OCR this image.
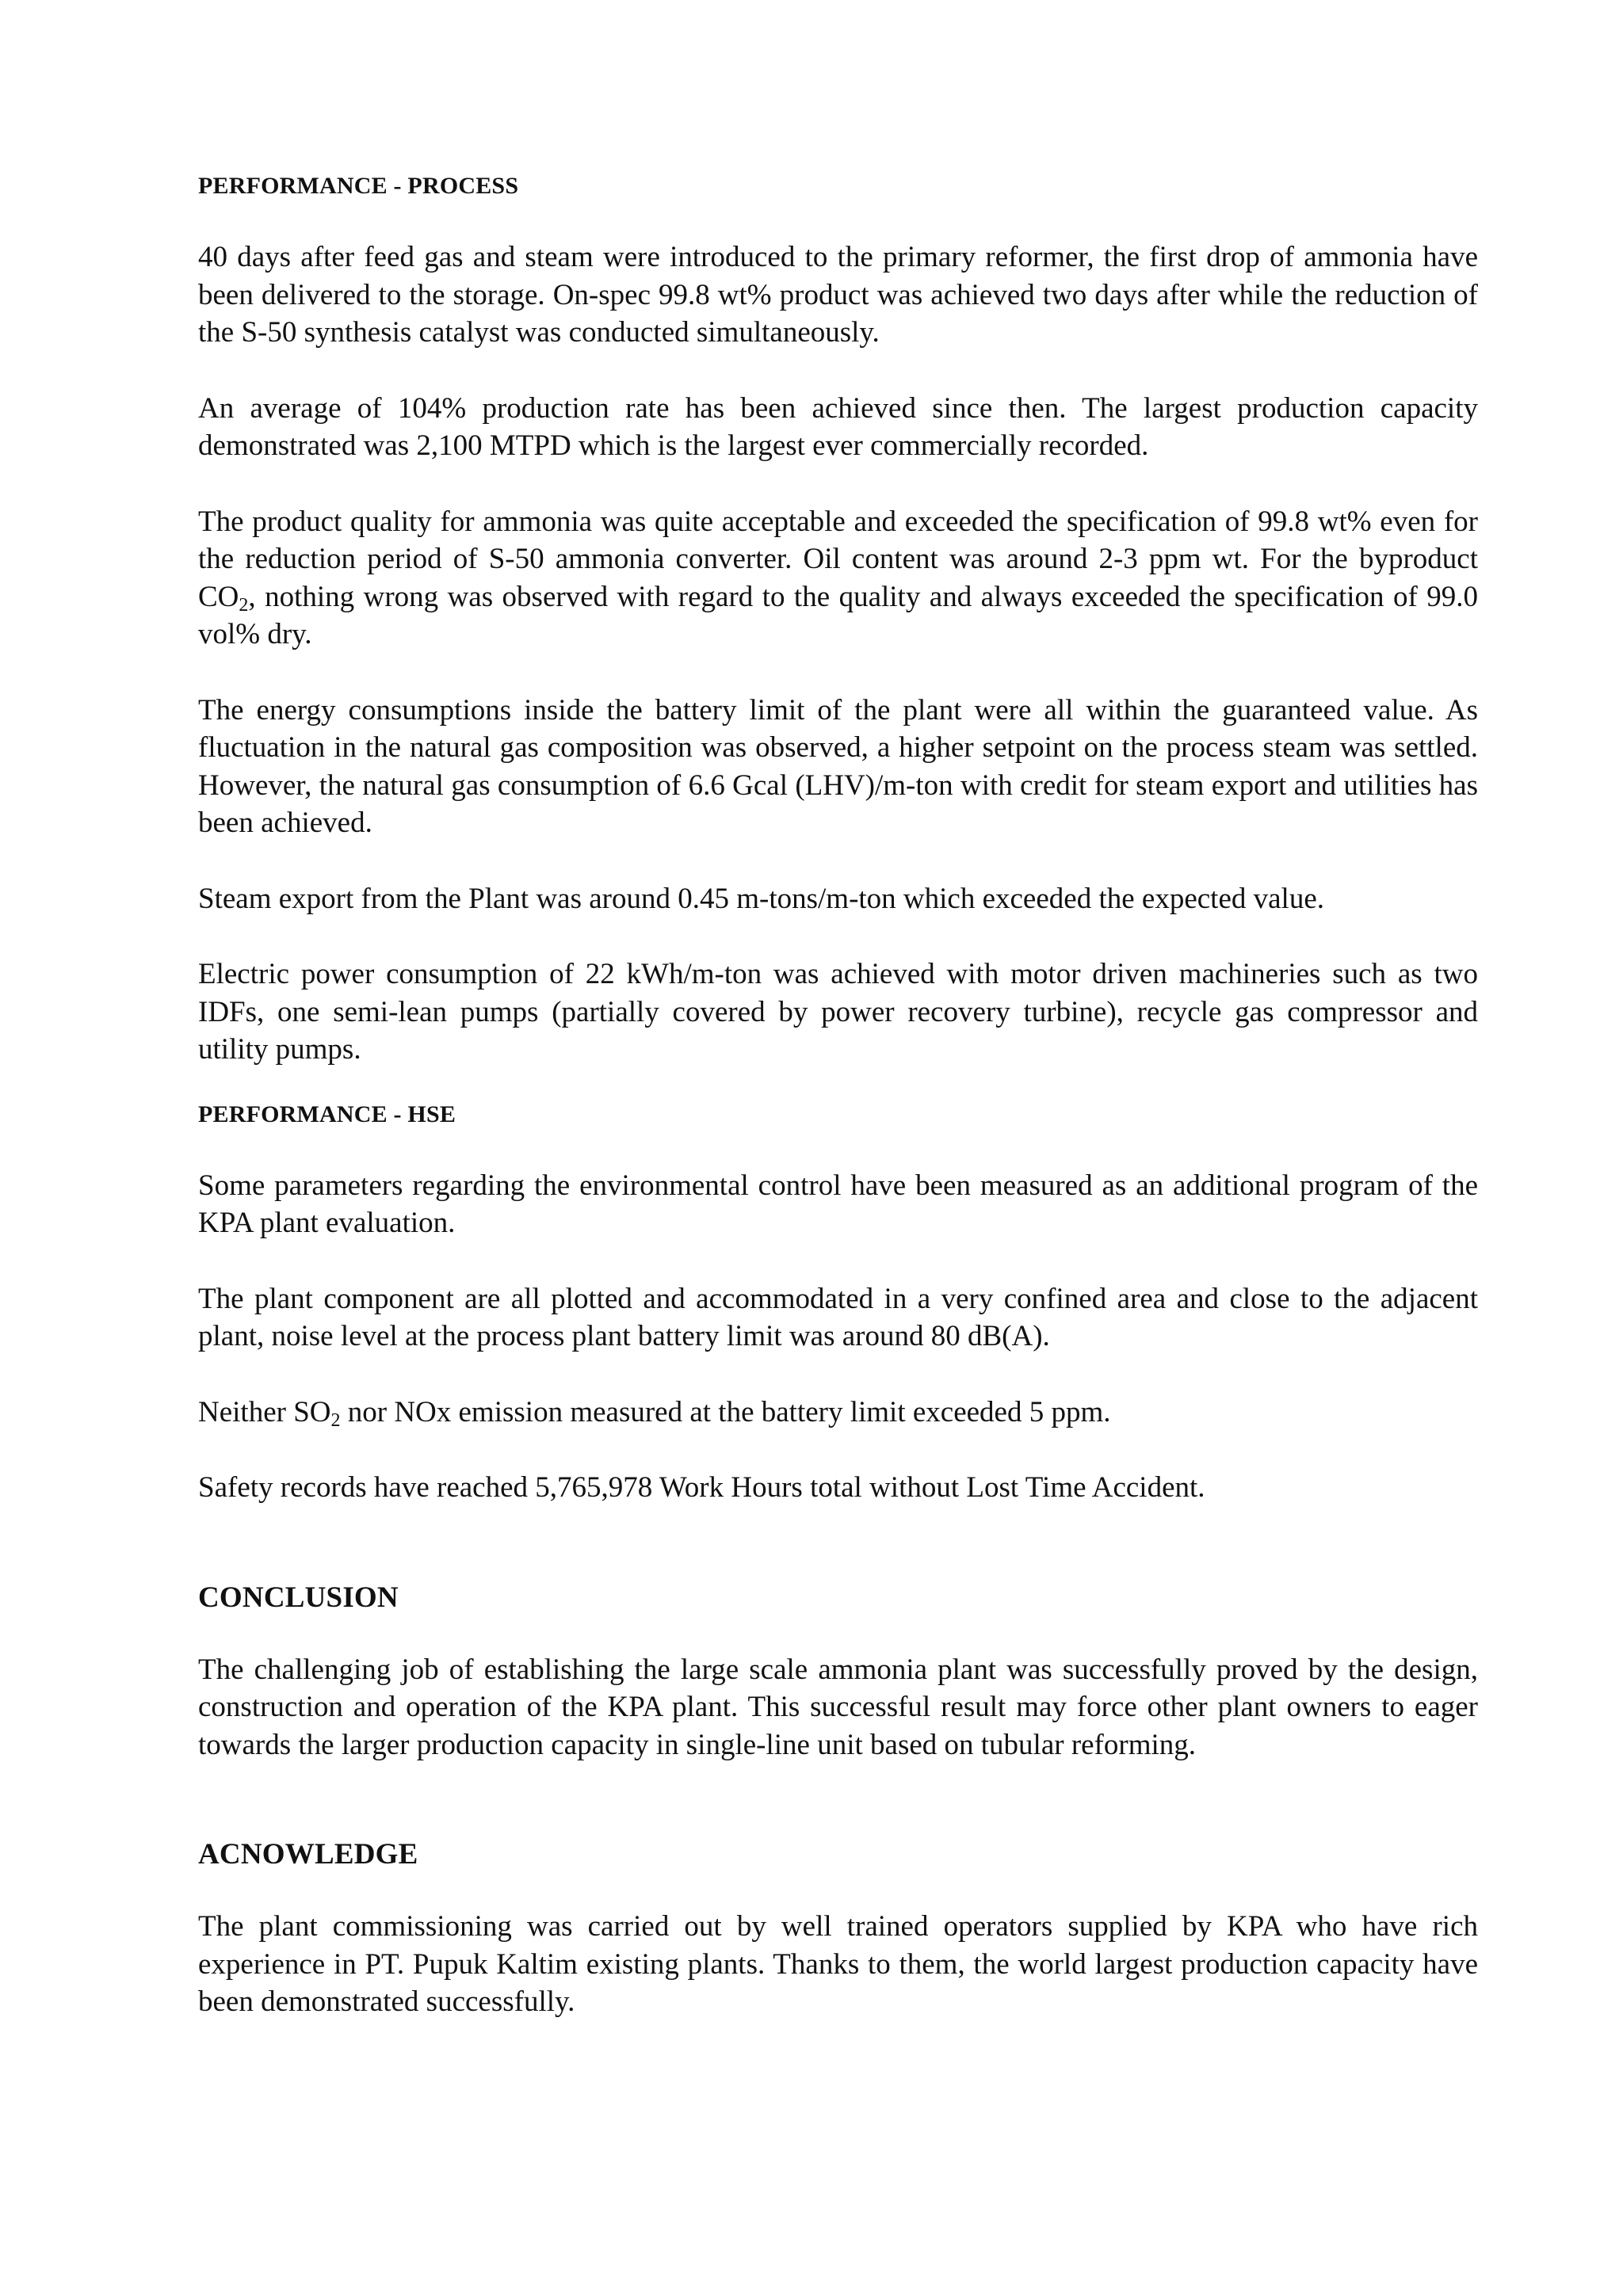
PERFORMANCE - PROCESS

40 days after feed gas and steam were introduced to the primary reformer, the first drop of ammonia have been delivered to the storage. On-spec 99.8 wt% product was achieved two days after while the reduction of the S-50 synthesis catalyst was conducted simultaneously.

An average of 104% production rate has been achieved since then. The largest production capacity demonstrated was 2,100 MTPD which is the largest ever commercially recorded.

The product quality for ammonia was quite acceptable and exceeded the specification of 99.8 wt% even for the reduction period of S-50 ammonia converter. Oil content was around 2-3 ppm wt. For the byproduct $CO_2$, nothing wrong was observed with regard to the quality and always exceeded the specification of 99.0 vol% dry.

The energy consumptions inside the battery limit of the plant were all within the guaranteed value. As fluctuation in the natural gas composition was observed, a higher setpoint on the process steam was settled. However, the natural gas consumption of 6.6 Gcal (LHV)/m-ton with credit for steam export and utilities has been achieved.

Steam export from the Plant was around 0.45 m-tons/m-ton which exceeded the expected value.

Electric power consumption of 22 kWh/m-ton was achieved with motor driven machineries such as two IDFs, one semi-lean pumps (partially covered by power recovery turbine), recycle gas compressor and utility pumps.

PERFORMANCE - HSE

Some parameters regarding the environmental control have been measured as an additional program of the KPA plant evaluation.

The plant component are all plotted and accommodated in a very confined area and close to the adjacent plant, noise level at the process plant battery limit was around 80 dB(A).

Neither $SO_2$ nor NOx emission measured at the battery limit exceeded 5 ppm.

Safety records have reached 5,765,978 Work Hours total without Lost Time Accident.

CONCLUSION

The challenging job of establishing the large scale ammonia plant was successfully proved by the design, construction and operation of the KPA plant. This successful result may force other plant owners to eager towards the larger production capacity in single-line unit based on tubular reforming.

ACNOWLEDGE

The plant commissioning was carried out by well trained operators supplied by KPA who have rich experience in PT. Pupuk Kaltim existing plants. Thanks to them, the world largest production capacity have been demonstrated successfully.
